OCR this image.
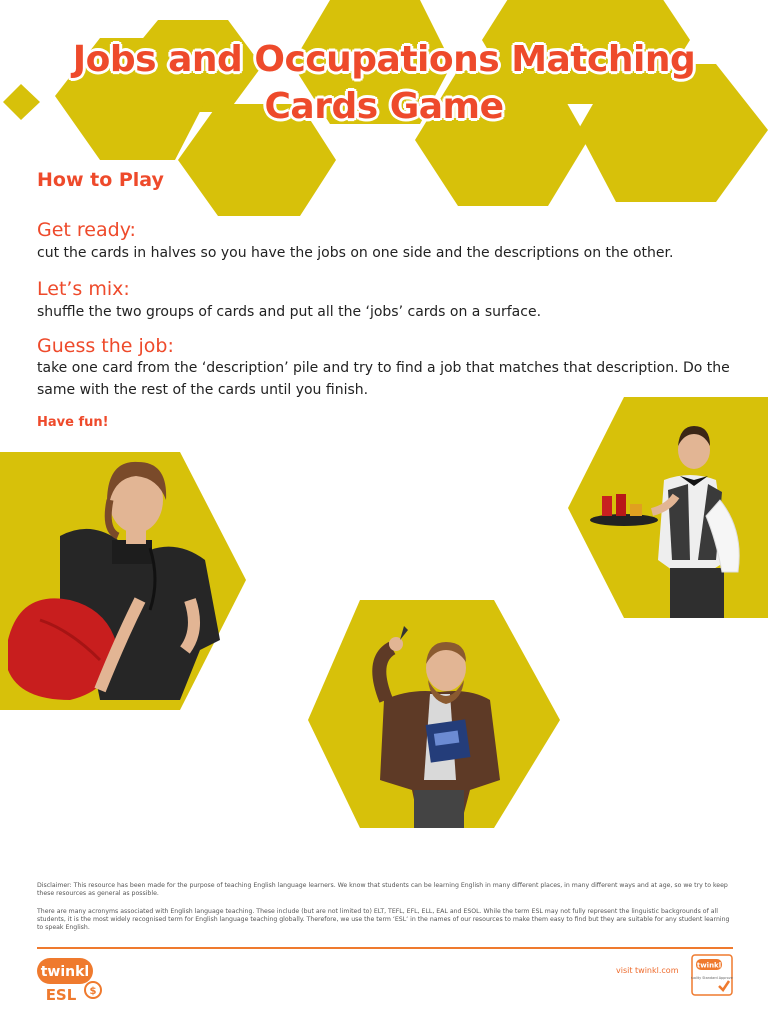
Jobs and Occupations Matching
Cards Game
How to Play
Get ready:
cut the cards in halves so you have the jobs on one side and the descriptions on the other.
Let’s mix:
shuffle the two groups of cards and put all the ‘jobs’ cards on a surface.
Guess the job:
take one card from the ‘description’ pile and try to find a job that matches that description. Do the same with the rest of the cards until you finish.
Have fun!
Disclaimer: This resource has been made for the purpose of teaching English language learners. We know that students can be learning English in many different places, in many different ways and at age, so we try to keep these resources as general as possible.
There are many acronyms associated with English language teaching. These include (but are not limited to) ELT, TEFL, EFL, ELL, EAL and ESOL. While the term ESL may not fully represent the linguistic backgrounds of all students, it is the most widely recognised term for English language teaching globally. Therefore, we use the term ‘ESL’ in the names of our resources to make them easy to find but they are suitable for any student learning to speak English.
twinkl
ESL $
visit twinkl.com
twinkl
Quality Standard Approved
